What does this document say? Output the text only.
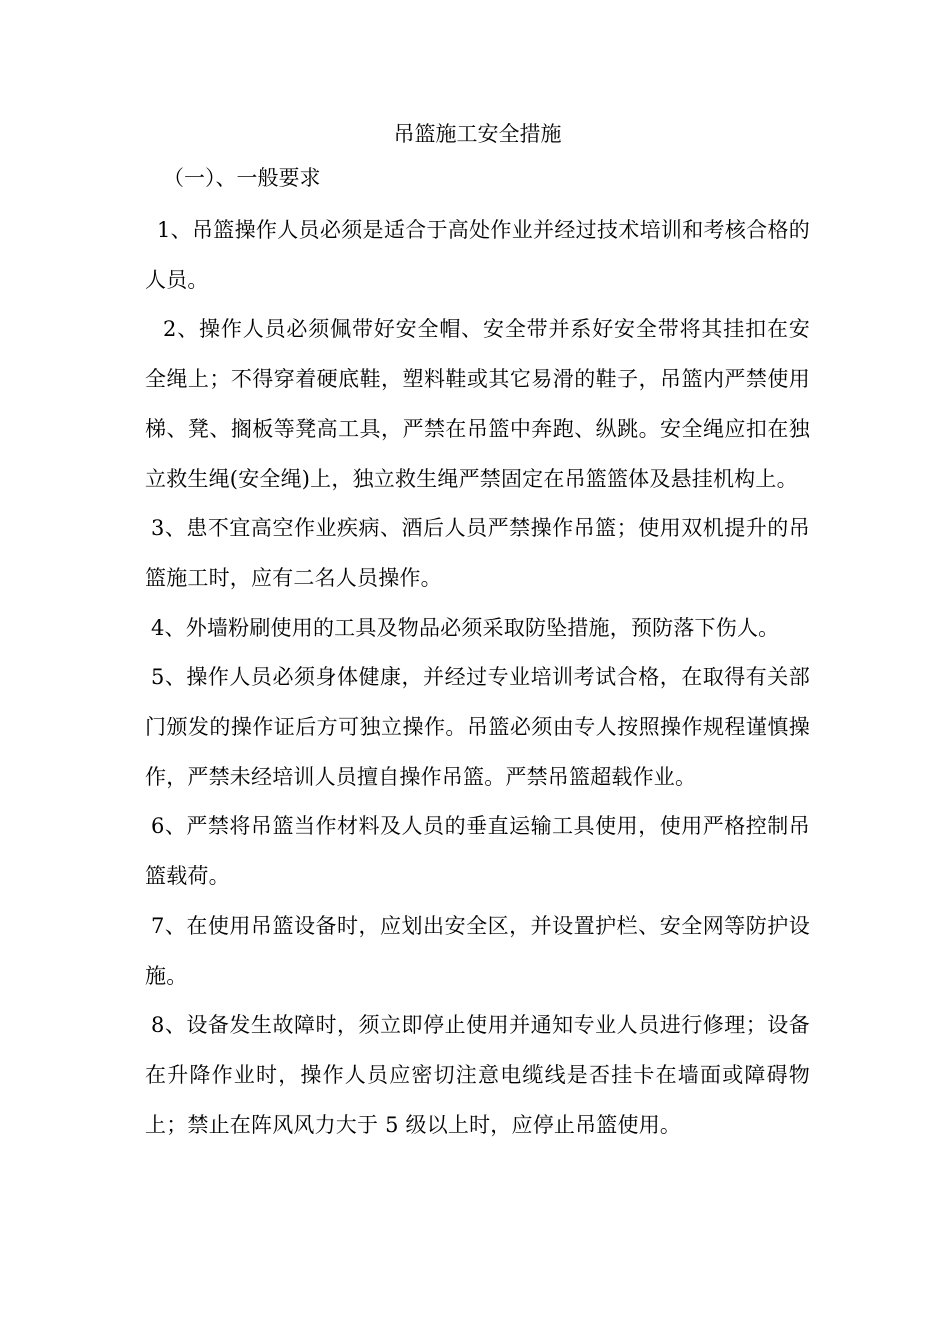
吊篮施工安全措施
（一）、一般要求

1、吊篮操作人员必须是适合于高处作业并经过技术培训和考核合格的人员。

2、操作人员必须佩带好安全帽、安全带并系好安全带将其挂扣在安全绳上；不得穿着硬底鞋，塑料鞋或其它易滑的鞋子，吊篮内严禁使用梯、凳、搁板等凳高工具，严禁在吊篮中奔跑、纵跳。安全绳应扣在独立救生绳(安全绳)上，独立救生绳严禁固定在吊篮篮体及悬挂机构上。

3、患不宜高空作业疾病、酒后人员严禁操作吊篮；使用双机提升的吊篮施工时，应有二名人员操作。

4、外墙粉刷使用的工具及物品必须采取防坠措施，预防落下伤人。

5、操作人员必须身体健康，并经过专业培训考试合格，在取得有关部门颁发的操作证后方可独立操作。吊篮必须由专人按照操作规程谨慎操作，严禁未经培训人员擅自操作吊篮。严禁吊篮超载作业。

6、严禁将吊篮当作材料及人员的垂直运输工具使用，使用严格控制吊篮载荷。

7、在使用吊篮设备时，应划出安全区，并设置护栏、安全网等防护设施。

8、设备发生故障时，须立即停止使用并通知专业人员进行修理；设备在升降作业时，操作人员应密切注意电缆线是否挂卡在墙面或障碍物上；禁止在阵风风力大于 5 级以上时，应停止吊篮使用。
